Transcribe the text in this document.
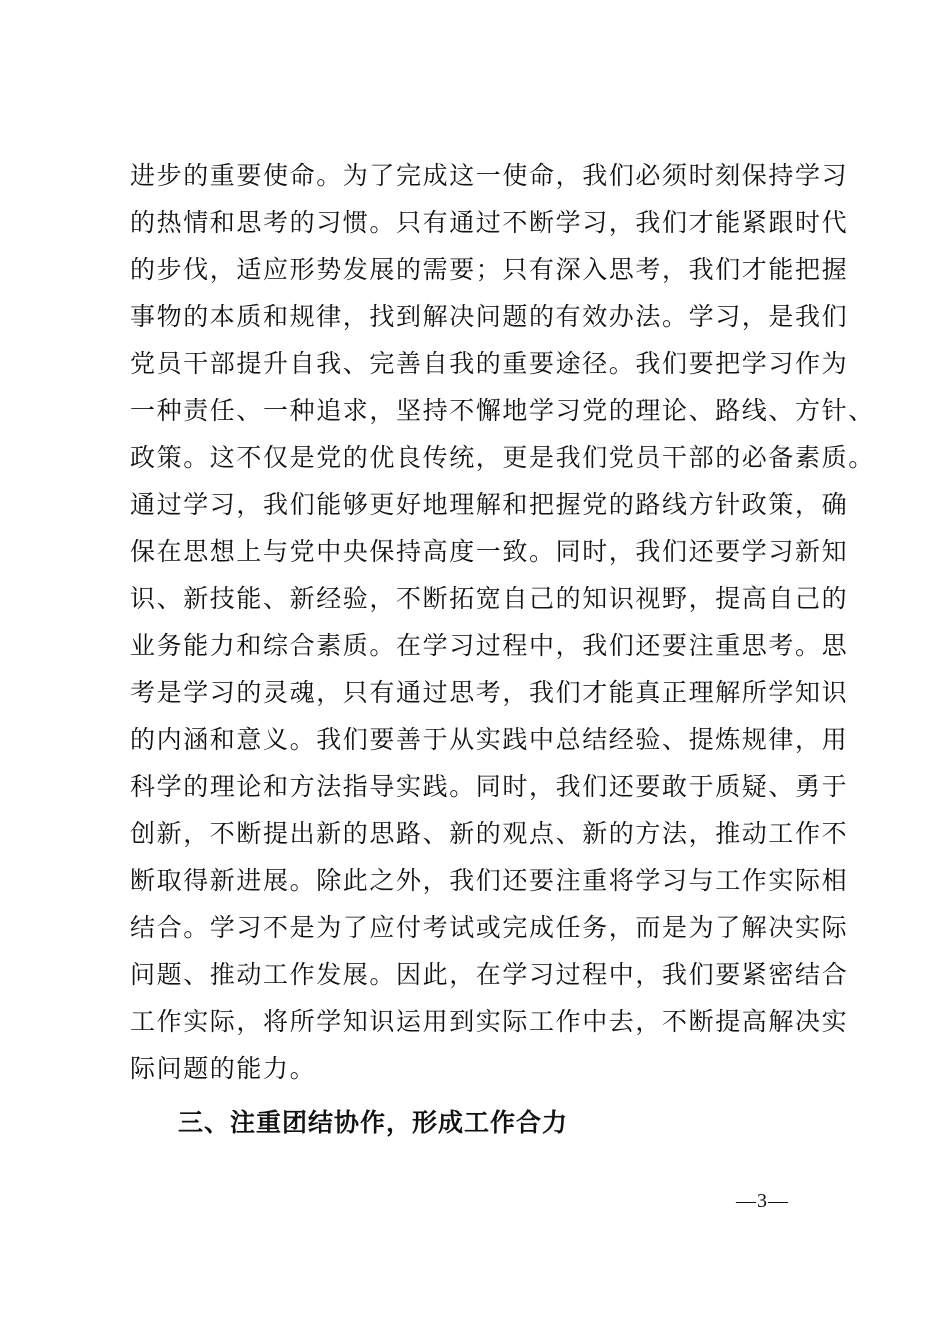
进步的重要使命。为了完成这一使命，我们必须时刻保持学习
的热情和思考的习惯。只有通过不断学习，我们才能紧跟时代
的步伐，适应形势发展的需要；只有深入思考，我们才能把握
事物的本质和规律，找到解决问题的有效办法。学习，是我们
党员干部提升自我、完善自我的重要途径。我们要把学习作为
一种责任、一种追求，坚持不懈地学习党的理论、路线、方针、
政策。这不仅是党的优良传统，更是我们党员干部的必备素质。
通过学习，我们能够更好地理解和把握党的路线方针政策，确
保在思想上与党中央保持高度一致。同时，我们还要学习新知
识、新技能、新经验，不断拓宽自己的知识视野，提高自己的
业务能力和综合素质。在学习过程中，我们还要注重思考。思
考是学习的灵魂，只有通过思考，我们才能真正理解所学知识
的内涵和意义。我们要善于从实践中总结经验、提炼规律，用
科学的理论和方法指导实践。同时，我们还要敢于质疑、勇于
创新，不断提出新的思路、新的观点、新的方法，推动工作不
断取得新进展。除此之外，我们还要注重将学习与工作实际相
结合。学习不是为了应付考试或完成任务，而是为了解决实际
问题、推动工作发展。因此，在学习过程中，我们要紧密结合
工作实际，将所学知识运用到实际工作中去，不断提高解决实
际问题的能力。
三、注重团结协作，形成工作合力
—3—
